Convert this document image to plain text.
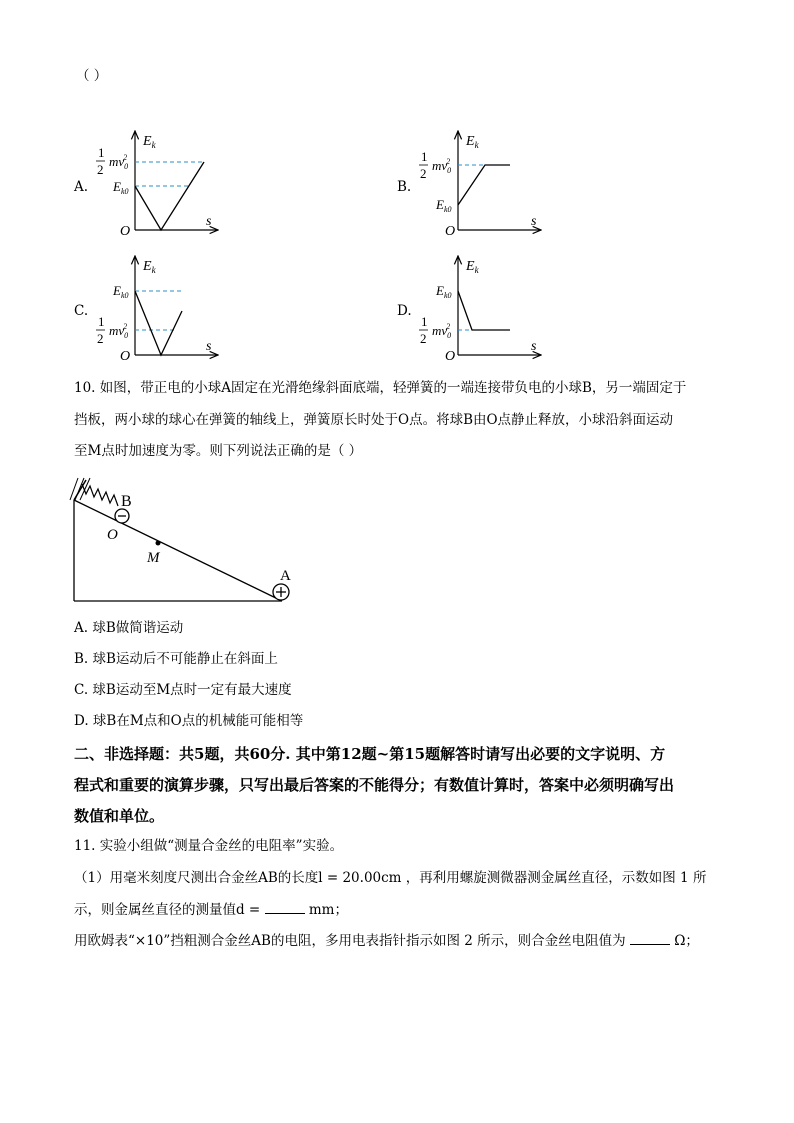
（ ）
A.
$E_k$
s
O
1
2
$mv_02$
$E_{k0}$	B.
$E_k$
s
O
1
2
$mv_02$
$E_{k0}$
C.
$E_k$
s
O
$E_{k0}$
1
2
$mv_02$
D.
$E_k$
s
O
$E_{k0}$
1
2
$mv_02$
10. 如图，带正电的小球A固定在光滑绝缘斜面底端，轻弹簧的一端连接带负电的小球B，另一端固定于
挡板，两小球的球心在弹簧的轴线上，弹簧原长时处于O点。将球B由O点静止释放，小球沿斜面运动
至M点时加速度为零。则下列说法正确的是（ ）
B
O
M
A
A. 球B做简谐运动
B. 球B运动后不可能静止在斜面上
C. 球B运动至M点时一定有最大速度
D. 球B在M点和O点的机械能可能相等
二、非选择题：共5题，共60分. 其中第12题~第15题解答时请写出必要的文字说明、方
程式和重要的演算步骤，只写出最后答案的不能得分；有数值计算时，答案中必须明确写出
数值和单位。
11. 实验小组做“测量合金丝的电阻率”实验。
（1）用毫米刻度尺测出合金丝AB的长度l = 20.00cm ，再利用螺旋测微器测金属丝直径，示数如图 1 所
示，则金属丝直径的测量值d =	mm；
用欧姆表“×10”挡粗测合金丝AB的电阻，多用电表指针指示如图 2 所示，则合金丝电阻值为	Ω；
